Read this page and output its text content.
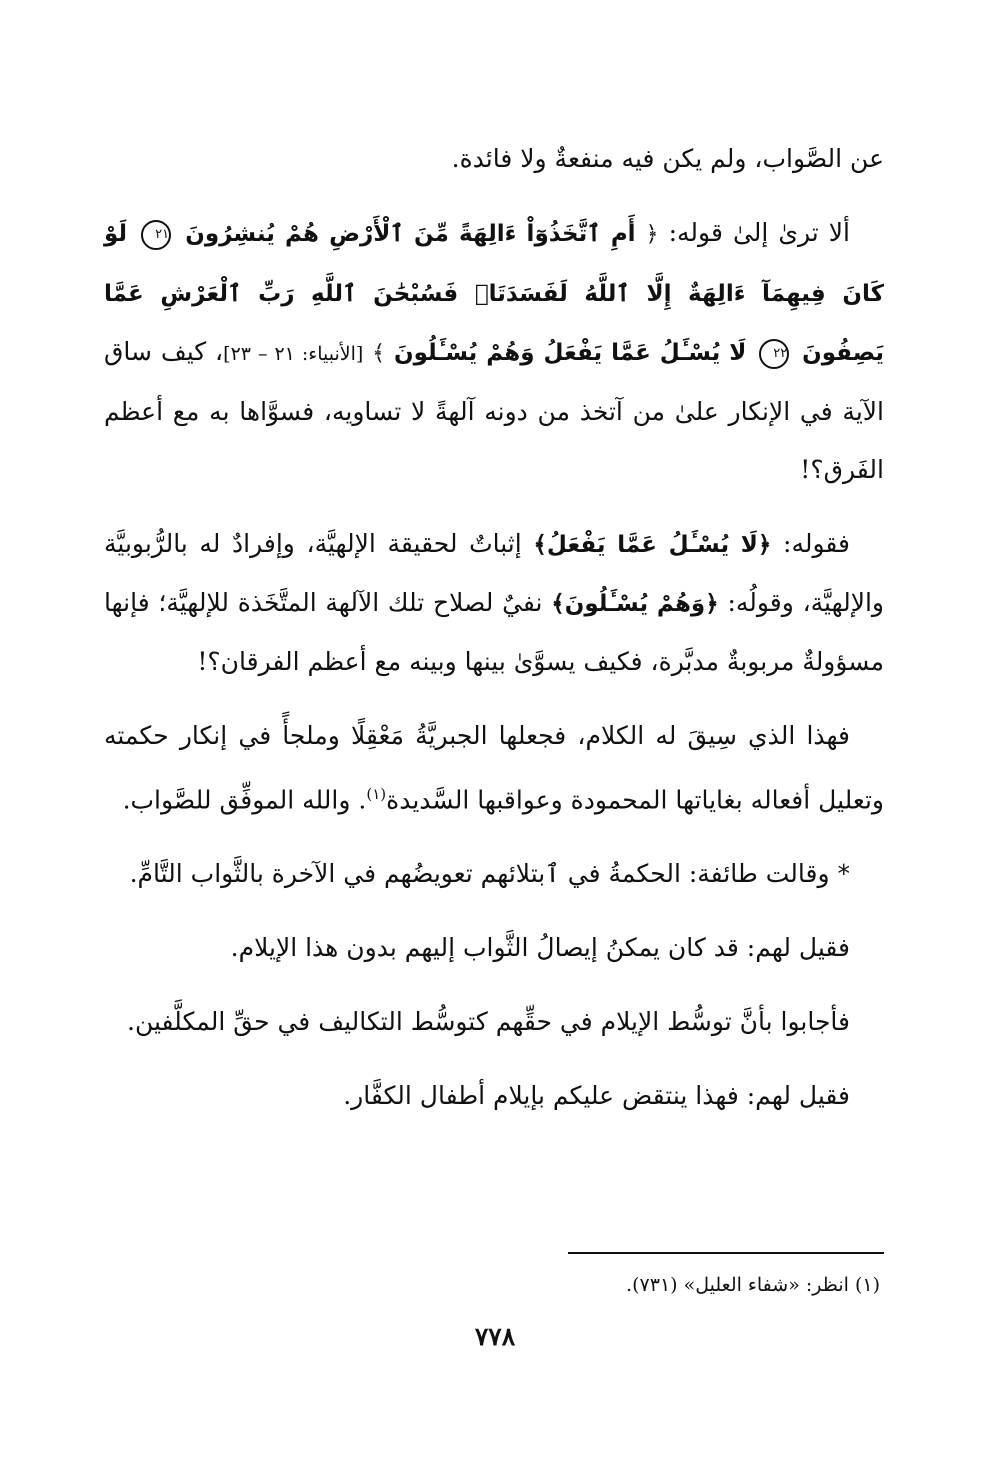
عن الصَّواب، ولم يكن فيه منفعةٌ ولا فائدة.

ألا ترىٰ إلىٰ قوله: ﴿ أَمِ ٱتَّخَذُوٓاْ ءَالِهَةً مِّنَ ٱلْأَرْضِ هُمْ يُنشِرُونَ ٢١ لَوْ كَانَ فِيهِمَآ ءَالِهَةٌ إِلَّا ٱللَّهُ لَفَسَدَتَاۚ فَسُبْحَٰنَ ٱللَّهِ رَبِّ ٱلْعَرْشِ عَمَّا يَصِفُونَ ٢٢ لَا يُسْـَٔلُ عَمَّا يَفْعَلُ وَهُمْ يُسْـَٔلُونَ ﴾ [الأنبياء: ٢١ – ٢٣]، كيف ساق الآية في الإنكار علىٰ من آتخذ من دونه آلهةً لا تساويه، فسوَّاها به مع أعظم الفَرق؟!

فقوله: ﴿لَا يُسْـَٔلُ عَمَّا يَفْعَلُ﴾ إثباتٌ لحقيقة الإلهيَّة، وإفرادٌ له بالرُّبوبيَّة والإلهيَّة، وقولُه: ﴿وَهُمْ يُسْـَٔلُونَ﴾ نفيٌ لصلاح تلك الآلهة المتَّخَذة للإلهيَّة؛ فإنها مسؤولةٌ مربوبةٌ مدبَّرة، فكيف يسوَّىٰ بينها وبينه مع أعظم الفرقان؟!

فهذا الذي سِيقَ له الكلام، فجعلها الجبريَّةُ مَعْقِلًا وملجأً في إنكار حكمته وتعليل أفعاله بغاياتها المحمودة وعواقبها السَّديدة$^{(١)}$. والله الموفِّق للصَّواب.

* وقالت طائفة: الحكمةُ في ٱبتلائهم تعويضُهم في الآخرة بالثَّواب التَّامِّ.

فقيل لهم: قد كان يمكنُ إيصالُ الثَّواب إليهم بدون هذا الإيلام.

فأجابوا بأنَّ توسُّط الإيلام في حقِّهم كتوسُّط التكاليف في حقِّ المكلَّفين.

فقيل لهم: فهذا ينتقض عليكم بإيلام أطفال الكفَّار.

(١) انظر: «شفاء العليل» (٧٣١).
٧٧٨
